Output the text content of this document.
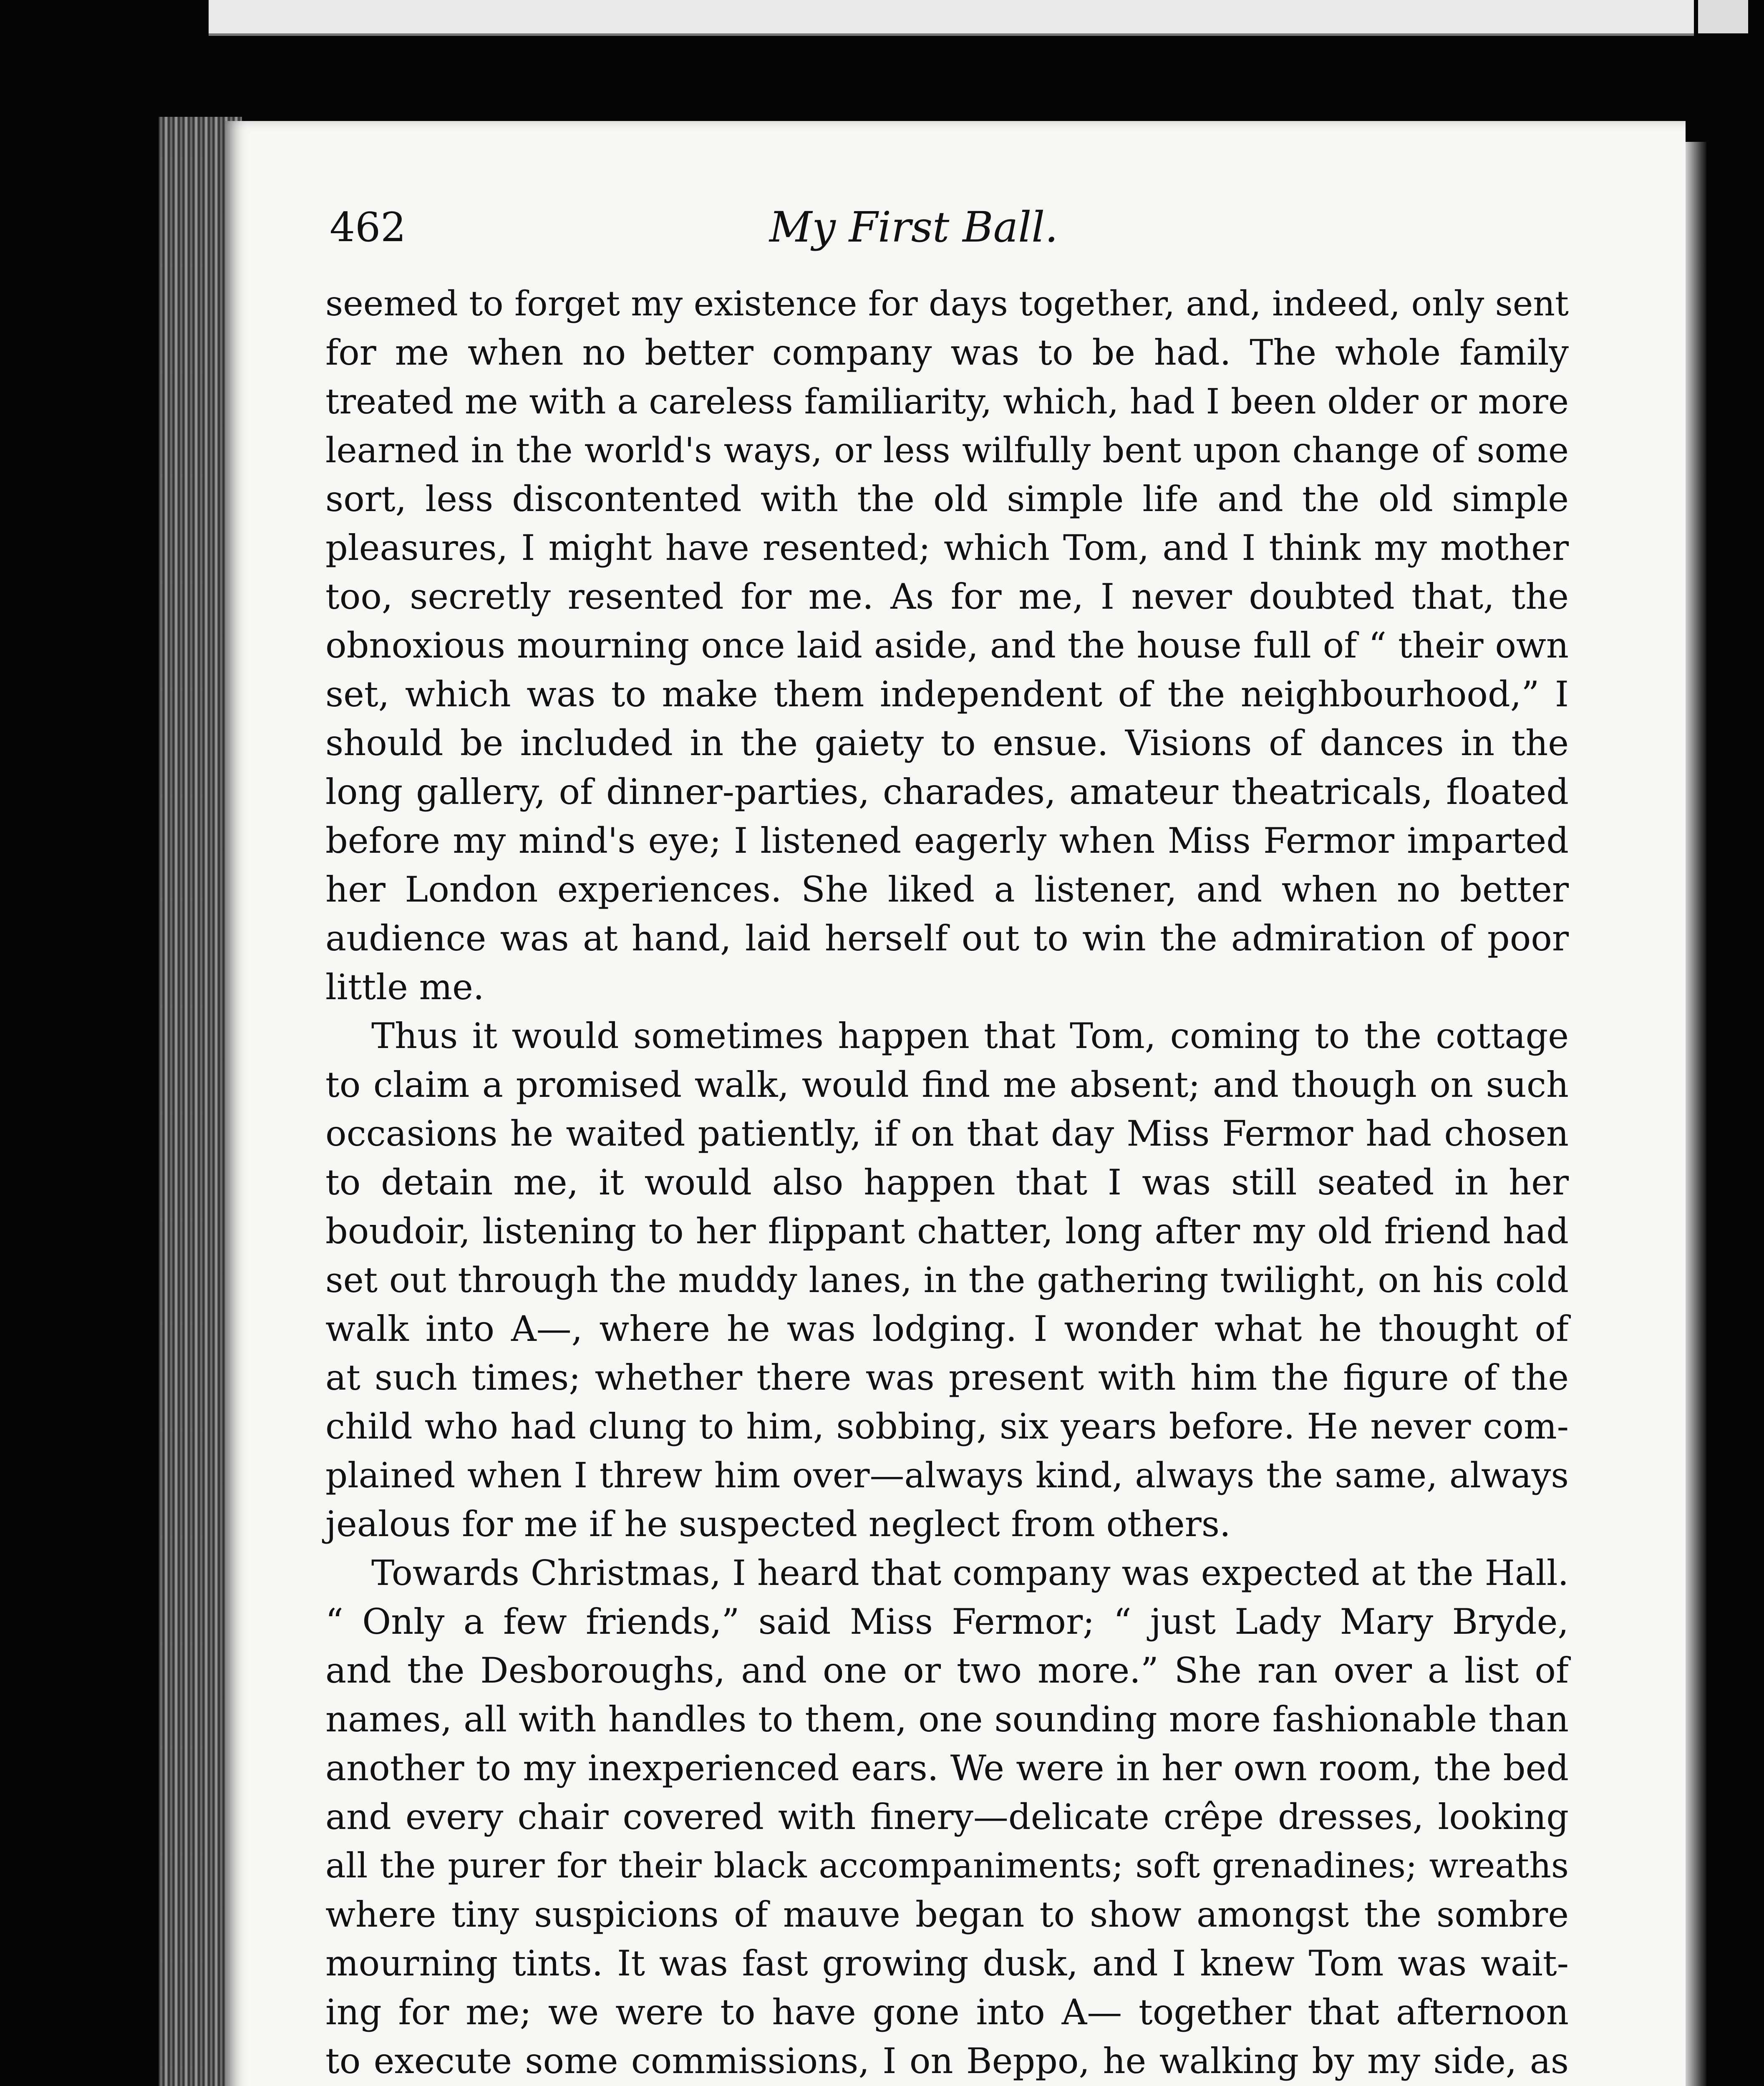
462	My First Ball.
seemed to forget my existence for days together, and, indeed, only sent
for me when no better company was to be had. The whole family
treated me with a careless familiarity, which, had I been older or more
learned in the world's ways, or less wilfully bent upon change of some
sort, less discontented with the old simple life and the old simple
pleasures, I might have resented; which Tom, and I think my mother
too, secretly resented for me. As for me, I never doubted that, the
obnoxious mourning once laid aside, and the house full of “ their own
set, which was to make them independent of the neighbourhood,” I
should be included in the gaiety to ensue. Visions of dances in the
long gallery, of dinner-parties, charades, amateur theatricals, floated
before my mind's eye; I listened eagerly when Miss Fermor imparted
her London experiences. She liked a listener, and when no better
audience was at hand, laid herself out to win the admiration of poor
little me.
Thus it would sometimes happen that Tom, coming to the cottage
to claim a promised walk, would find me absent; and though on such
occasions he waited patiently, if on that day Miss Fermor had chosen
to detain me, it would also happen that I was still seated in her
boudoir, listening to her flippant chatter, long after my old friend had
set out through the muddy lanes, in the gathering twilight, on his cold
walk into A—, where he was lodging. I wonder what he thought of
at such times; whether there was present with him the figure of the
child who had clung to him, sobbing, six years before. He never com-
plained when I threw him over—always kind, always the same, always
jealous for me if he suspected neglect from others.
Towards Christmas, I heard that company was expected at the Hall.
“ Only a few friends,” said Miss Fermor; “ just Lady Mary Bryde,
and the Desboroughs, and one or two more.” She ran over a list of
names, all with handles to them, one sounding more fashionable than
another to my inexperienced ears. We were in her own room, the bed
and every chair covered with finery—delicate crêpe dresses, looking
all the purer for their black accompaniments; soft grenadines; wreaths
where tiny suspicions of mauve began to show amongst the sombre
mourning tints. It was fast growing dusk, and I knew Tom was wait-
ing for me; we were to have gone into A— together that afternoon
to execute some commissions, I on Beppo, he walking by my side, as
